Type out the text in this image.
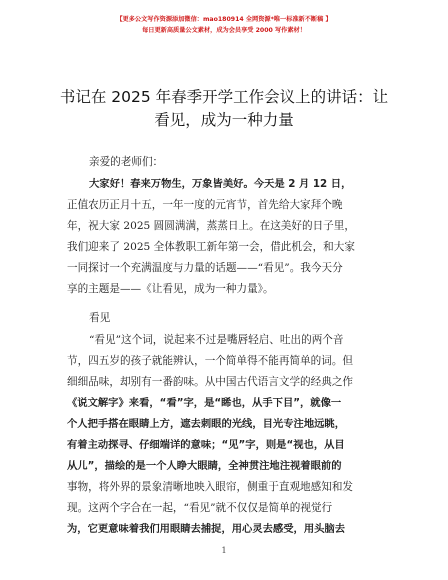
【更多公文写作资源添加微信：mao180914 全网资源*唯一标准新不断稿 】
每日更新高质量公文素材，成为会员享受 2000 写作素材！
书记在 2025 年春季开学工作会议上的讲话：让
看见，成为一种力量
亲爱的老师们：
大家好！春来万物生，万象皆美好。今天是 2 月 12 日，
正值农历正月十五，一年一度的元宵节，首先给大家拜个晚
年，祝大家 2025 圆圆满满，蒸蒸日上。在这美好的日子里，
我们迎来了 2025 全体教职工新年第一会，借此机会，和大家
一同探讨一个充满温度与力量的话题——“看见”。我今天分
享的主题是——《让看见，成为一种力量》。
看见
“看见”这个词，说起来不过是嘴唇轻启、吐出的两个音
节，四五岁的孩子就能辨认，一个简单得不能再简单的词。但
细细品味，却别有一番韵味。从中国古代语言文学的经典之作
《说文解字》来看，“看”字，是“睎也，从手下目”，就像一
个人把手搭在眼睛上方，遮去刺眼的光线，目光专注地远眺，
有着主动探寻、仔细端详的意味；“见”字，则是“视也，从目
从儿”，描绘的是一个人睁大眼睛，全神贯注地注视着眼前的
事物，将外界的景象清晰地映入眼帘，侧重于直观地感知和发
现。这两个字合在一起，“看见”就不仅仅是简单的视觉行
为，它更意味着我们用眼睛去捕捉，用心灵去感受，用头脑去
1
